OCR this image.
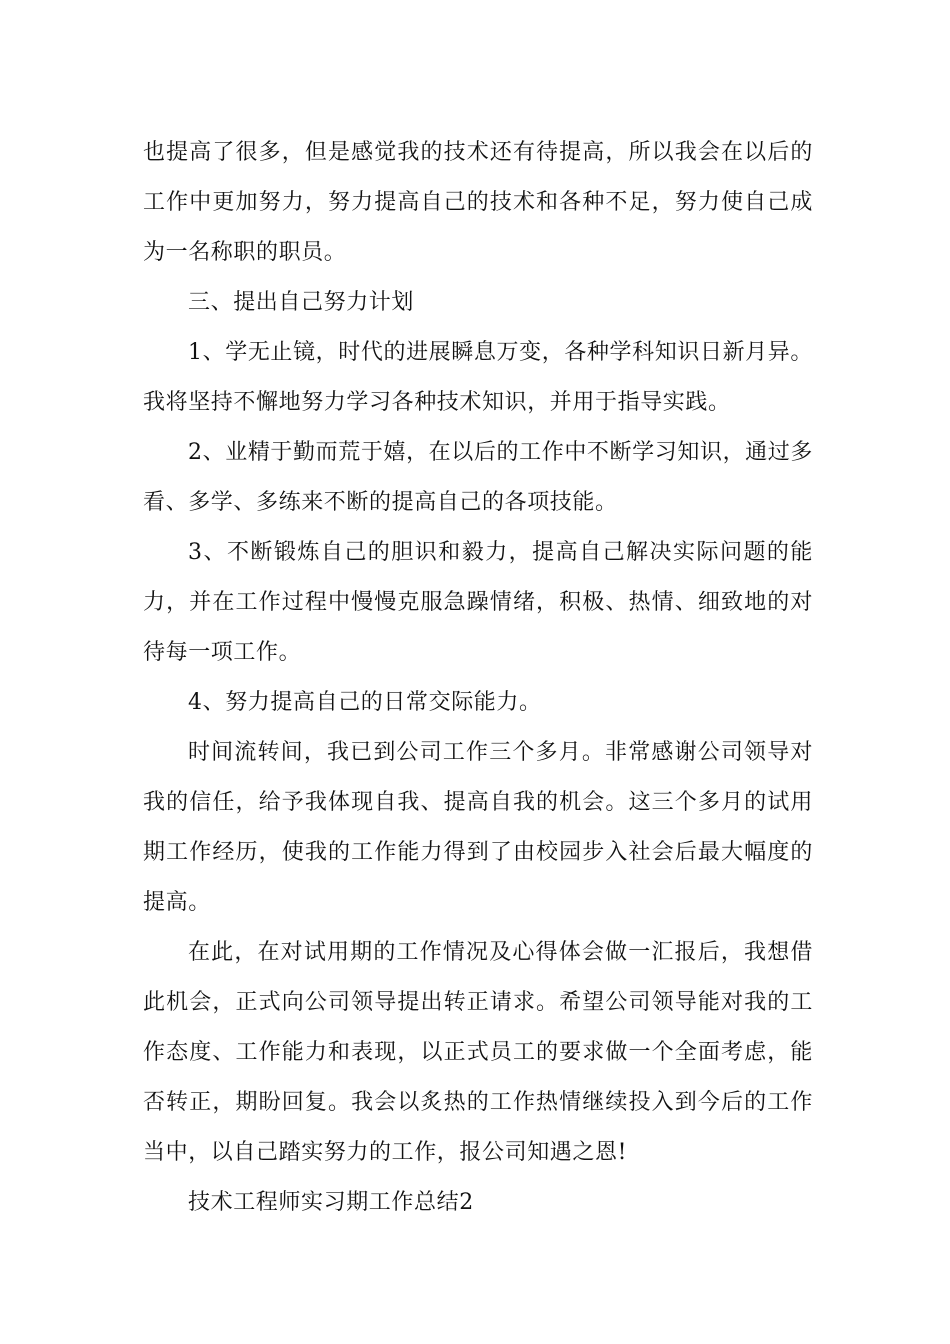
也提高了很多，但是感觉我的技术还有待提高，所以我会在以后的工作中更加努力，努力提高自己的技术和各种不足，努力使自己成为一名称职的职员。

三、提出自己努力计划

1、学无止镜，时代的进展瞬息万变，各种学科知识日新月异。我将坚持不懈地努力学习各种技术知识，并用于指导实践。

2、业精于勤而荒于嬉，在以后的工作中不断学习知识，通过多看、多学、多练来不断的提高自己的各项技能。

3、不断锻炼自己的胆识和毅力，提高自己解决实际问题的能力，并在工作过程中慢慢克服急躁情绪，积极、热情、细致地的对待每一项工作。

4、努力提高自己的日常交际能力。

时间流转间，我已到公司工作三个多月。非常感谢公司领导对我的信任，给予我体现自我、提高自我的机会。这三个多月的试用期工作经历，使我的工作能力得到了由校园步入社会后最大幅度的提高。

在此，在对试用期的工作情况及心得体会做一汇报后，我想借此机会，正式向公司领导提出转正请求。希望公司领导能对我的工作态度、工作能力和表现，以正式员工的要求做一个全面考虑，能否转正，期盼回复。我会以炙热的工作热情继续投入到今后的工作当中，以自己踏实努力的工作，报公司知遇之恩!

技术工程师实习期工作总结2
